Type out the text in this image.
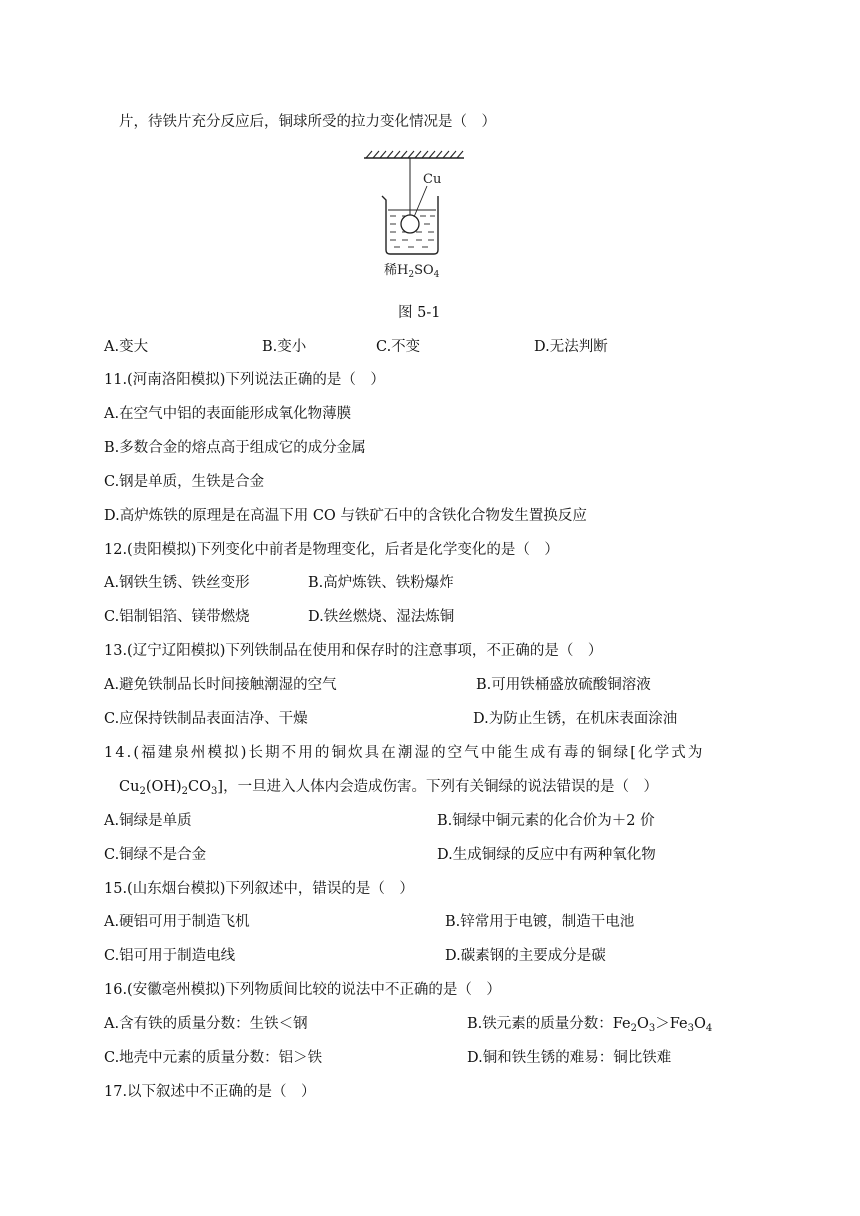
片，待铁片充分反应后，铜球所受的拉力变化情况是（　）
Cu
稀$H_2SO_4$
图 5-1
A.变大	B.变小	C.不变	D.无法判断
11.(河南洛阳模拟)下列说法正确的是（　）
A.在空气中铝的表面能形成氧化物薄膜
B.多数合金的熔点高于组成它的成分金属
C.钢是单质，生铁是合金
D.高炉炼铁的原理是在高温下用 CO 与铁矿石中的含铁化合物发生置换反应
12.(贵阳模拟)下列变化中前者是物理变化，后者是化学变化的是（　）
A.钢铁生锈、铁丝变形	B.高炉炼铁、铁粉爆炸
C.铝制铝箔、镁带燃烧	D.铁丝燃烧、湿法炼铜
13.(辽宁辽阳模拟)下列铁制品在使用和保存时的注意事项，不正确的是（　）
A.避免铁制品长时间接触潮湿的空气	B.可用铁桶盛放硫酸铜溶液
C.应保持铁制品表面洁净、干燥	D.为防止生锈，在机床表面涂油
14.(福建泉州模拟)长期不用的铜炊具在潮湿的空气中能生成有毒的铜绿[化学式为
$Cu_2(OH)_2CO_3$]，一旦进入人体内会造成伤害。下列有关铜绿的说法错误的是（　）
A.铜绿是单质	B.铜绿中铜元素的化合价为＋2 价
C.铜绿不是合金	D.生成铜绿的反应中有两种氧化物
15.(山东烟台模拟)下列叙述中，错误的是（　）
A.硬铝可用于制造飞机	B.锌常用于电镀，制造干电池
C.铝可用于制造电线	D.碳素钢的主要成分是碳
16.(安徽亳州模拟)下列物质间比较的说法中不正确的是（　）
A.含有铁的质量分数：生铁＜钢	B.铁元素的质量分数：$Fe_2O_3>Fe_3O_4$
C.地壳中元素的质量分数：铝＞铁	D.铜和铁生锈的难易：铜比铁难
17.以下叙述中不正确的是（　）
